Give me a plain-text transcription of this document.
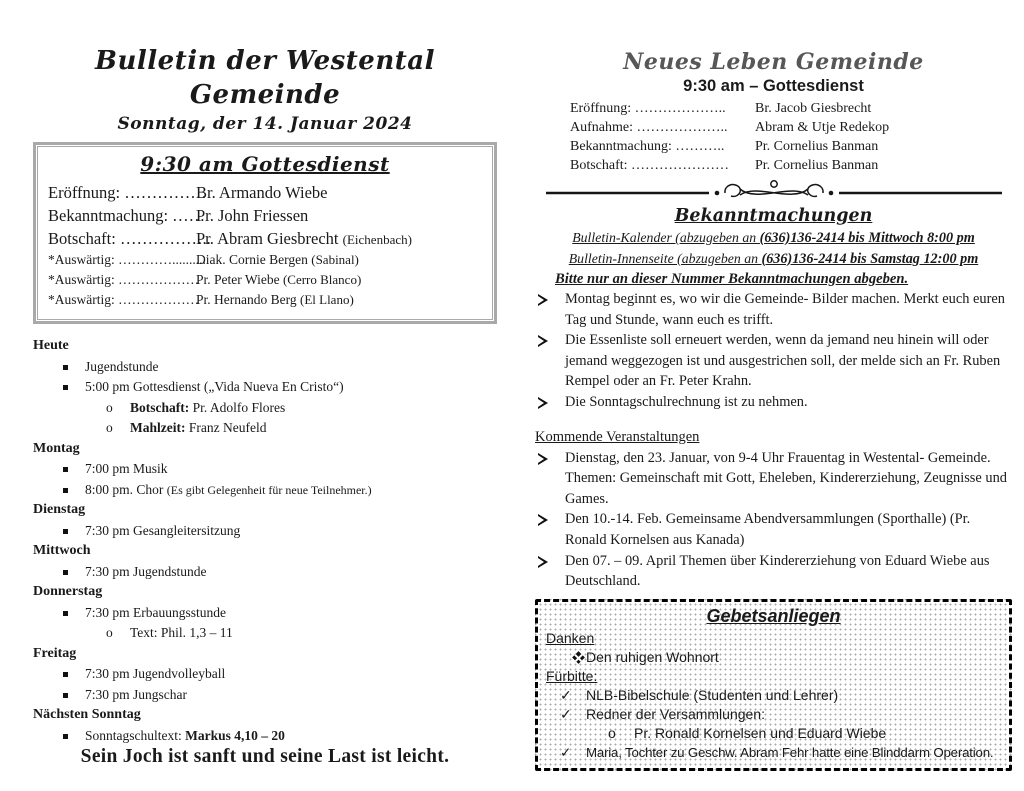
Bulletin der Westental Gemeinde
Sonntag, der 14. Januar 2024
9:30 am Gottesdienst
Eröffnung: ……………
Br. Armando Wiebe
Bekanntmachung: ……
Pr. John Friessen
Botschaft: ……………..
Pr. Abram Giesbrecht (Eichenbach)
*Auswärtig: …………..........
Diak. Cornie Bergen (Sabinal)
*Auswärtig: ………………
Pr. Peter Wiebe (Cerro Blanco)
*Auswärtig: ………………
Pr. Hernando Berg (El Llano)
Heute
Jugendstunde
5:00 pm Gottesdienst („Vida Nueva En Cristo“)
o Botschaft: Pr. Adolfo Flores
o Mahlzeit: Franz Neufeld
Montag
7:00 pm Musik
8:00 pm. Chor (Es gibt Gelegenheit für neue Teilnehmer.)
Dienstag
7:30 pm Gesangleitersitzung
Mittwoch
7:30 pm Jugendstunde
Donnerstag
7:30 pm Erbauungsstunde
o Text: Phil. 1,3 – 11
Freitag
7:30 pm Jugendvolleyball
7:30 pm Jungschar
Nächsten Sonntag
Sonntagschultext: Markus 4,10 – 20
Sein Joch ist sanft und seine Last ist leicht.
Neues Leben Gemeinde
9:30 am – Gottesdienst
Eröffnung: ……………….. Br. Jacob Giesbrecht
Aufnahme: ……………….. Abram & Utje Redekop
Bekanntmachung: ……….. Pr. Cornelius Banman
Botschaft: ………………… Pr. Cornelius Banman
Bekanntmachungen
Bulletin-Kalender (abzugeben an (636)136-2414 bis Mittwoch 8:00 pm
Bulletin-Innenseite (abzugeben an (636)136-2414 bis Samstag 12:00 pm
Bitte nur an dieser Nummer Bekanntmachungen abgeben.
Montag beginnt es, wo wir die Gemeinde- Bilder machen. Merkt euch euren Tag und Stunde, wann euch es trifft.
Die Essenliste soll erneuert werden, wenn da jemand neu hinein will oder jemand weggezogen ist und ausgestrichen soll, der melde sich an Fr. Ruben Rempel oder an Fr. Peter Krahn.
Die Sonntagschulrechnung ist zu nehmen.
Kommende Veranstaltungen
Dienstag, den 23. Januar, von 9-4 Uhr Frauentag in Westental- Gemeinde. Themen: Gemeinschaft mit Gott, Eheleben, Kindererziehung, Zeugnisse und Games.
Den 10.-14. Feb. Gemeinsame Abendversammlungen (Sporthalle) (Pr. Ronald Kornelsen aus Kanada)
Den 07. – 09. April Themen über Kindererziehung von Eduard Wiebe aus Deutschland.
Gebetsanliegen
Danken
Den ruhigen Wohnort
Fürbitte:
✓ NLB-Bibelschule (Studenten und Lehrer)
✓ Redner der Versammlungen:
o Pr. Ronald Kornelsen und Eduard Wiebe
✓ Maria, Tochter zu Geschw. Abram Fehr hatte eine Blinddarm Operation.
